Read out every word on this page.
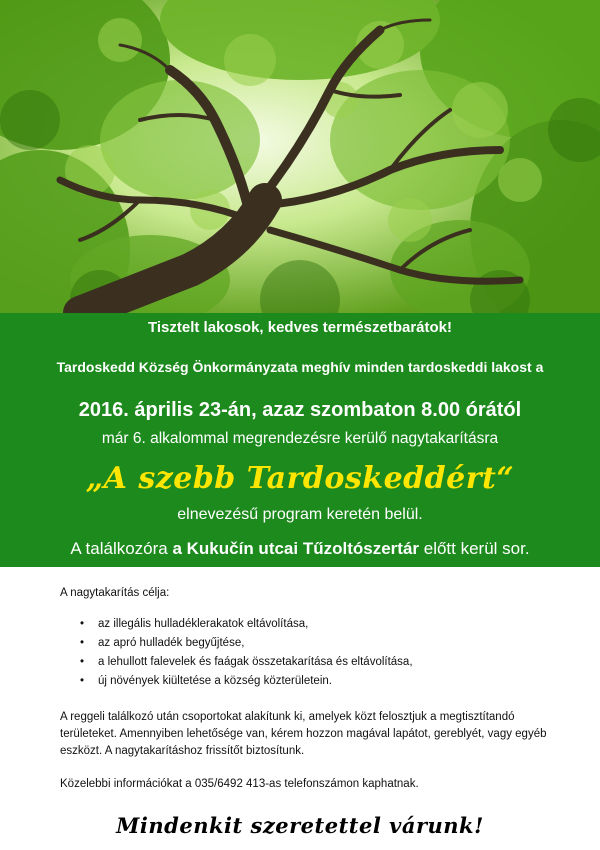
Tisztelt lakosok, kedves természetbarátok!
Tardoskedd Község Önkormányzata meghív minden tardoskeddi lakost a
2016. április 23-án, azaz szombaton 8.00 órától
már 6. alkalommal megrendezésre kerülő nagytakarításra
„A szebb Tardoskeddért“
elnevezésű program keretén belül.
A találkozóra a Kukučín utcai Tűzoltószertár előtt kerül sor.
A nagytakarítás célja:
• az illegális hulladéklerakatok eltávolítása,
• az apró hulladék begyűjtése,
• a lehullott falevelek és faágak összetakarítása és eltávolítása,
• új növények kiültetése a község közterületein.
A reggeli találkozó után csoportokat alakítunk ki, amelyek közt felosztjuk a megtisztítandó területeket. Amennyiben lehetősége van, kérem hozzon magával lapátot, gereblyét, vagy egyéb eszközt. A nagytakarításhoz frissítőt biztosítunk.
Közelebbi információkat a 035/6492 413-as telefonszámon kaphatnak.
Mindenkit szeretettel várunk!
